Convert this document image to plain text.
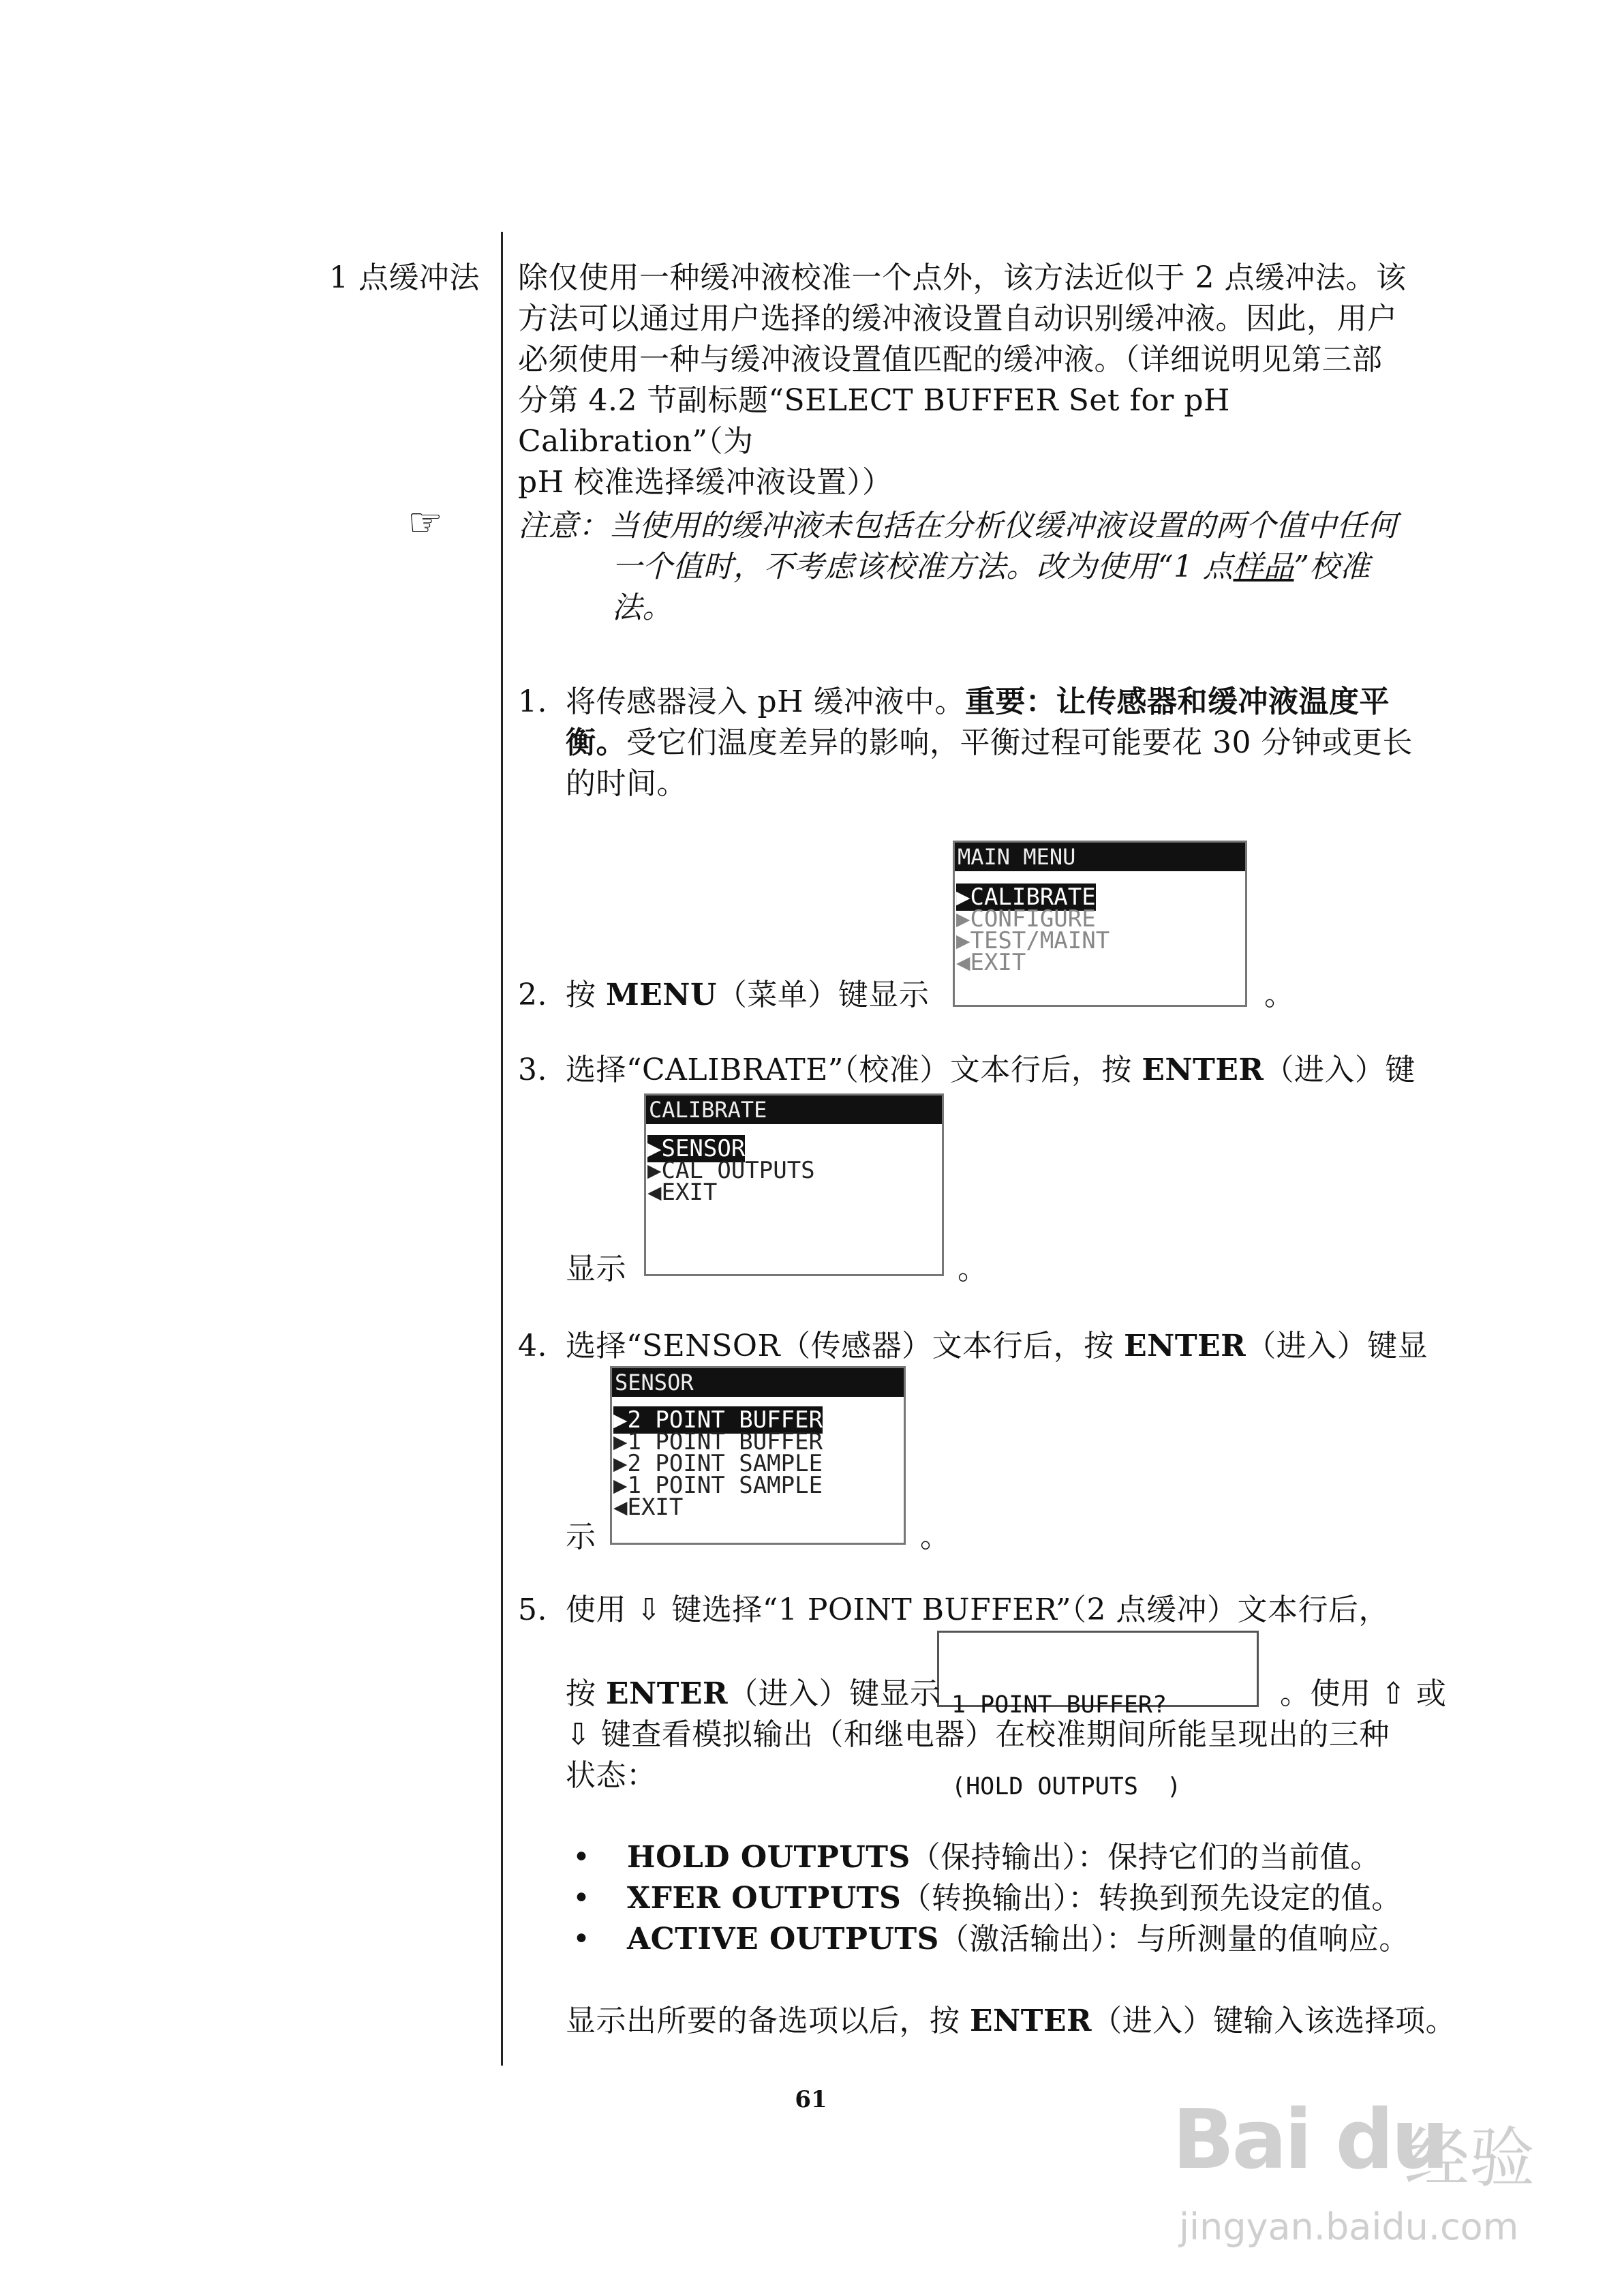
1 点缓冲法 除仅使用一种缓冲液校准一个点外，该方法近似于 2 点缓冲法。该
方法可以通过用户选择的缓冲液设置自动识别缓冲液。因此，用户
必须使用一种与缓冲液设置值匹配的缓冲液。（详细说明见第三部
分第 4.2 节副标题“SELECT BUFFER Set for pH Calibration”（为
pH 校准选择缓冲液设置））
☞	注意：当使用的缓冲液未包括在分析仪缓冲液设置的两个值中任何
一个值时，不考虑该校准方法。改为使用“1 点样品”校准
法。
1. 将传感器浸入 pH 缓冲液中。重要：让传感器和缓冲液温度平
衡。受它们温度差异的影响，平衡过程可能要花 30 分钟或更长
的时间。
MAIN MENU
▶CALIBRATE
▶CONFIGURE
▶TEST/MAINT
◀EXIT
2. 按 MENU（菜单）键显示	。
3. 选择“CALIBRATE”（校准）文本行后，按 ENTER（进入）键
CALIBRATE
▶SENSOR
▶CAL OUTPUTS
◀EXIT
显示	。
4. 选择“SENSOR（传感器）文本行后，按 ENTER（进入）键显
SENSOR
▶2 POINT BUFFER
▶1 POINT BUFFER
▶2 POINT SAMPLE
▶1 POINT SAMPLE
◀EXIT
示	。
5. 使用 ⇩ 键选择“1 POINT BUFFER”（2 点缓冲）文本行后，

1 POINT BUFFER?

(HOLD OUTPUTS  )

按 ENTER（进入）键显示	。使用 ⇧ 或
⇩ 键查看模拟输出（和继电器）在校准期间所能呈现出的三种
状态：
• HOLD OUTPUTS（保持输出）：保持它们的当前值。
• XFER OUTPUTS（转换输出）：转换到预先设定的值。
• ACTIVE OUTPUTS（激活输出）：与所测量的值响应。
显示出所要的备选项以后，按 ENTER（进入）键输入该选择项。
61	Bai du
经验
jingyan.baidu.com
